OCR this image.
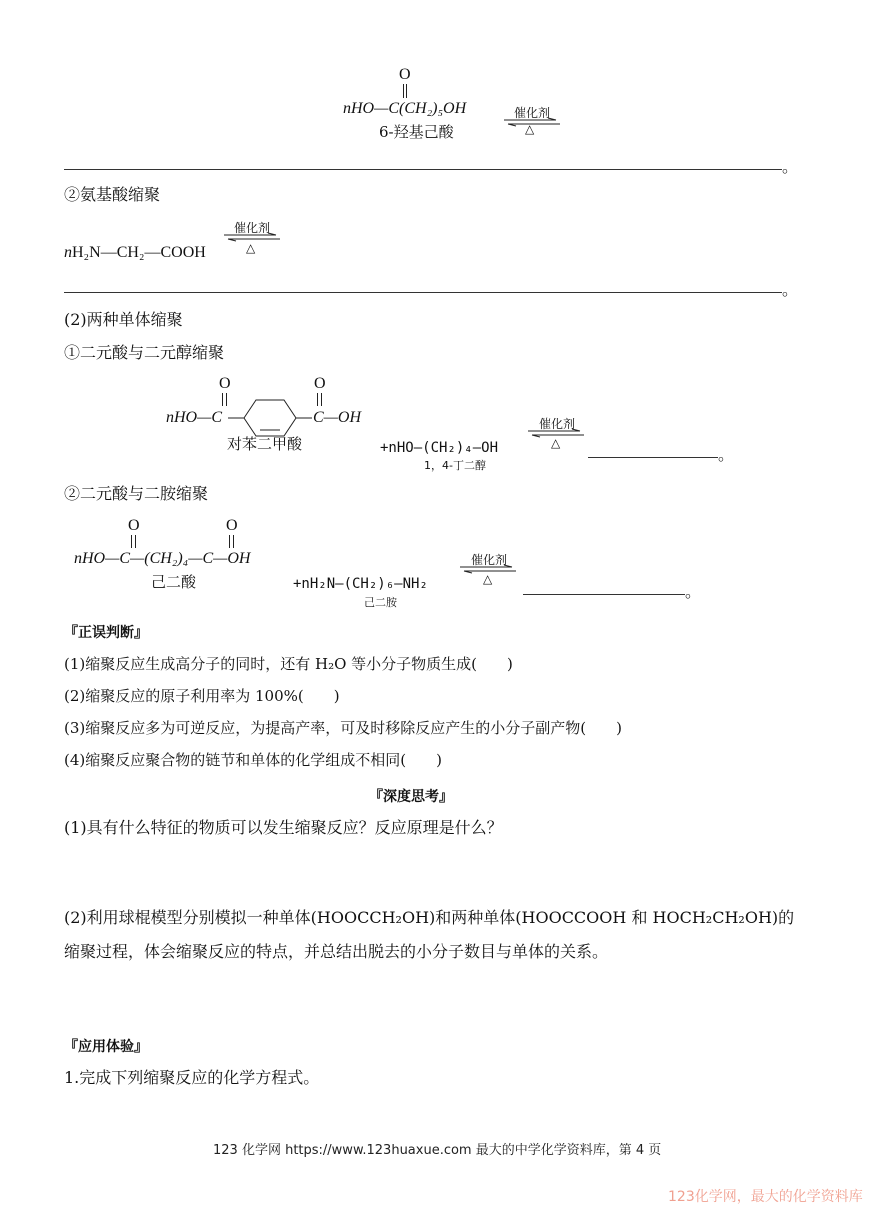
O
nHO—C(CH₂)₅OH
6-羟基己酸
催化剂
△
。
②氨基酸缩聚
催化剂
△
nH₂N—CH₂—COOH
。
(2)两种单体缩聚
①二元酸与二元醇缩聚
O	O
nHO—C	C—OH
对苯二甲酸	+nHO—(CH₂)₄—OH
1，4-丁二醇
催化剂
△
。
②二元酸与二胺缩聚
O	O
nHO—C—(CH₂)₄—C—OH
己二酸	+nH₂N—(CH₂)₆—NH₂
己二胺
催化剂
△
。
『正误判断』
(1)缩聚反应生成高分子的同时，还有 H₂O 等小分子物质生成(　　)
(2)缩聚反应的原子利用率为 100%(　　)
(3)缩聚反应多为可逆反应，为提高产率，可及时移除反应产生的小分子副产物(　　)
(4)缩聚反应聚合物的链节和单体的化学组成不相同(　　)
『深度思考』
(1)具有什么特征的物质可以发生缩聚反应？反应原理是什么？
(2)利用球棍模型分别模拟一种单体(HOOCCH₂OH)和两种单体(HOOCCOOH 和 HOCH₂CH₂OH)的
缩聚过程，体会缩聚反应的特点，并总结出脱去的小分子数目与单体的关系。
『应用体验』
1.完成下列缩聚反应的化学方程式。
123 化学网 https://www.123huaxue.com 最大的中学化学资料库，第 4 页
123化学网，最大的化学资料库
